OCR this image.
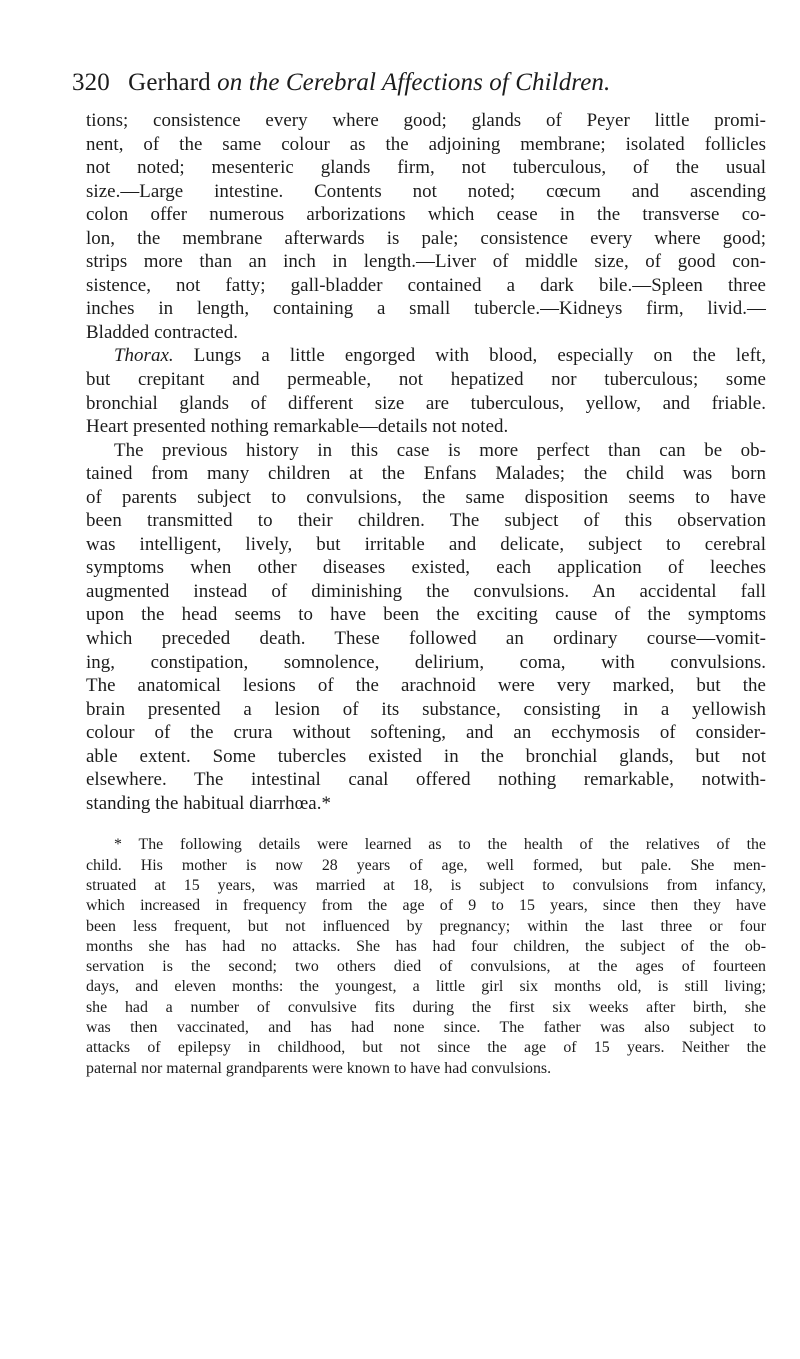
320 Gerhard on the Cerebral Affections of Children.
tions; consistence every where good; glands of Peyer little promi-
nent, of the same colour as the adjoining membrane; isolated follicles
not noted; mesenteric glands firm, not tuberculous, of the usual
size.—Large intestine. Contents not noted; cœcum and ascending
colon offer numerous arborizations which cease in the transverse co-
lon, the membrane afterwards is pale; consistence every where good;
strips more than an inch in length.—Liver of middle size, of good con-
sistence, not fatty; gall-bladder contained a dark bile.—Spleen three
inches in length, containing a small tubercle.—Kidneys firm, livid.—
Bladded contracted.
Thorax. Lungs a little engorged with blood, especially on the left,
but crepitant and permeable, not hepatized nor tuberculous; some
bronchial glands of different size are tuberculous, yellow, and friable.
Heart presented nothing remarkable—details not noted.
The previous history in this case is more perfect than can be ob-
tained from many children at the Enfans Malades; the child was born
of parents subject to convulsions, the same disposition seems to have
been transmitted to their children. The subject of this observation
was intelligent, lively, but irritable and delicate, subject to cerebral
symptoms when other diseases existed, each application of leeches
augmented instead of diminishing the convulsions. An accidental fall
upon the head seems to have been the exciting cause of the symptoms
which preceded death. These followed an ordinary course—vomit-
ing, constipation, somnolence, delirium, coma, with convulsions.
The anatomical lesions of the arachnoid were very marked, but the
brain presented a lesion of its substance, consisting in a yellowish
colour of the crura without softening, and an ecchymosis of consider-
able extent. Some tubercles existed in the bronchial glands, but not
elsewhere. The intestinal canal offered nothing remarkable, notwith-
standing the habitual diarrhœa.*
* The following details were learned as to the health of the relatives of the
child. His mother is now 28 years of age, well formed, but pale. She men-
struated at 15 years, was married at 18, is subject to convulsions from infancy,
which increased in frequency from the age of 9 to 15 years, since then they have
been less frequent, but not influenced by pregnancy; within the last three or four
months she has had no attacks. She has had four children, the subject of the ob-
servation is the second; two others died of convulsions, at the ages of fourteen
days, and eleven months: the youngest, a little girl six months old, is still living;
she had a number of convulsive fits during the first six weeks after birth, she
was then vaccinated, and has had none since. The father was also subject to
attacks of epilepsy in childhood, but not since the age of 15 years. Neither the
paternal nor maternal grandparents were known to have had convulsions.
